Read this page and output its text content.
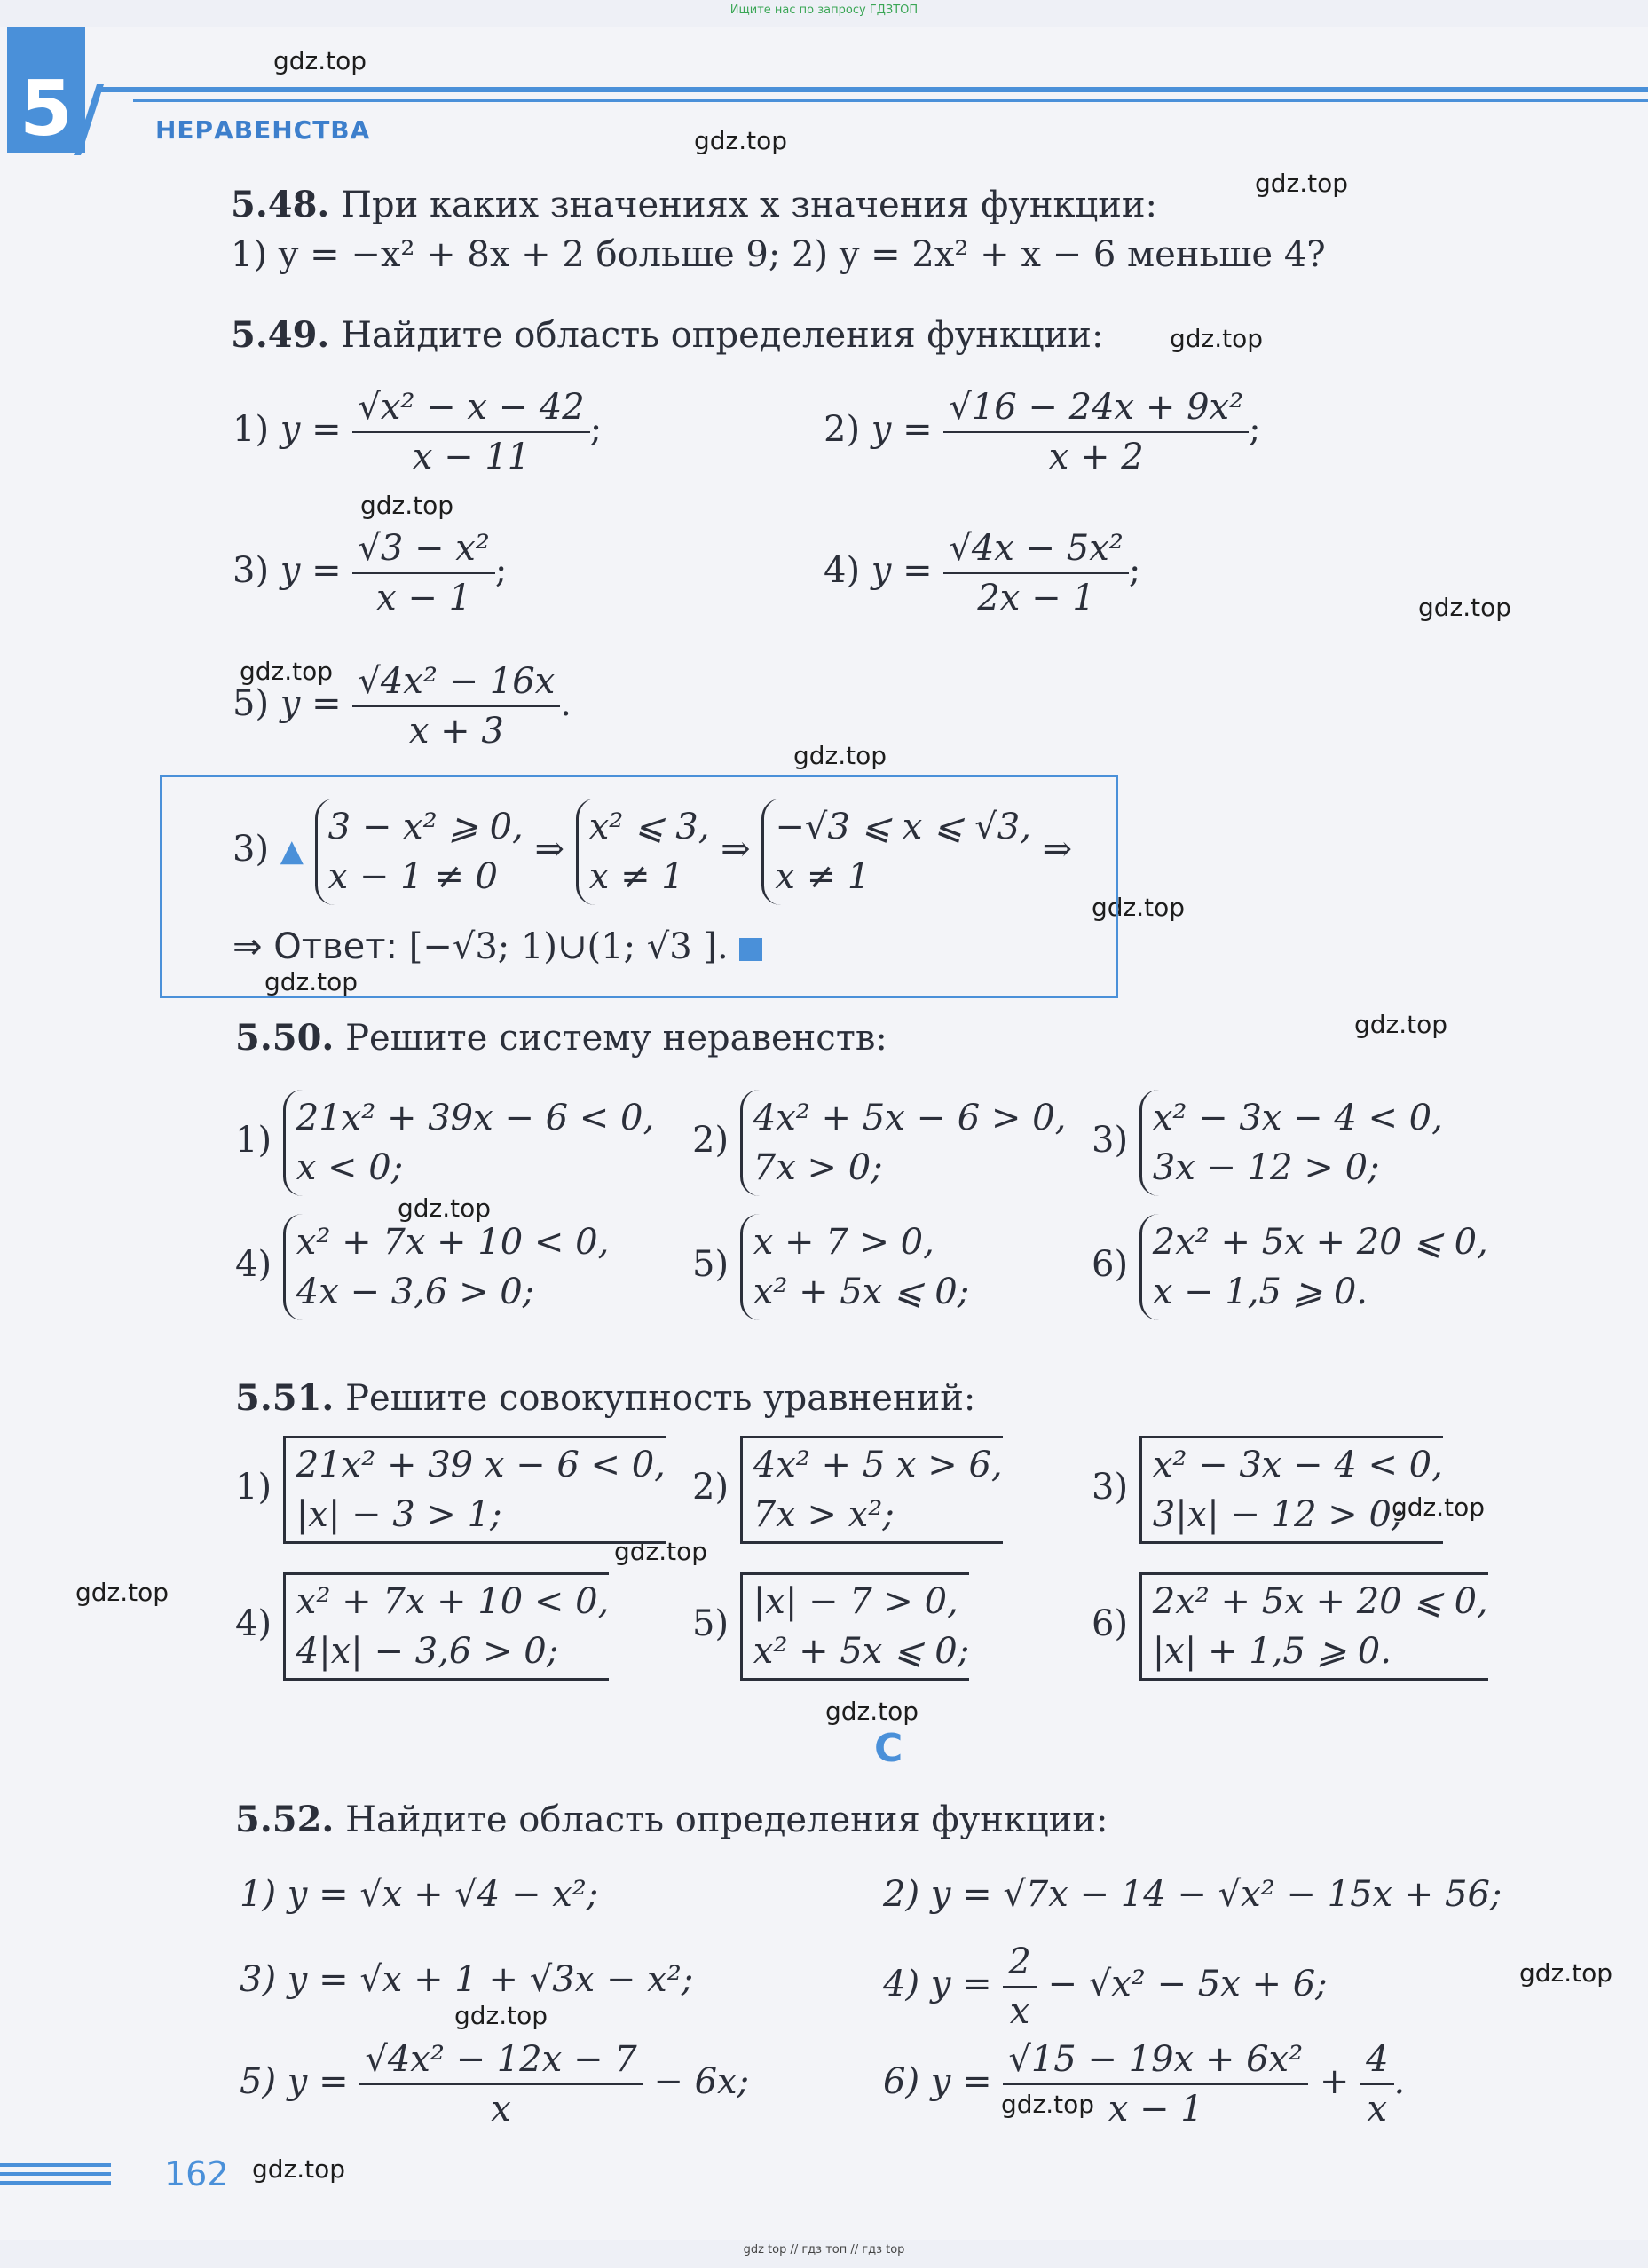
Ищите нас по запросу ГДЗТОП
5	НЕРАВЕНСТВА
gdz.top
gdz.top
gdz.top
gdz.top
gdz.top
gdz.top
gdz.top
gdz.top
gdz.top
gdz.top
gdz.top
gdz.top
gdz.top
gdz.top
gdz.top
gdz.top
gdz.top
gdz.top
gdz.top
gdz.top
5.48. При каких значениях x значения функции:
1) y = −x² + 8x + 2 больше 9; 2) y = 2x² + x − 6 меньше 4?
5.49. Найдите область определения функции:
1) $y = \frac{\text{√x² − x − 42}}{x - 11}$ ;	2) $y = \frac{\text{√16 − 24x + 9x²}}{x + 2}$ ;
3) $y = \frac{\text{√3 − x²}}{x - 1}$ ;	4) $y = \frac{\text{√4x − 5x²}}{2x - 1}$ ;
5) $y = \frac{\text{√4x² − 16x}}{x + 3}$ .
3) ▲
3 − x² ⩾ 0,
x − 1 ≠ 0
⇒
x² ⩽ 3,
x ≠ 1
⇒
−√3 ⩽ x ⩽ √3,
x ≠ 1
⇒
⇒ Ответ: [−√3; 1)∪(1; √3 ].
5.50. Решите систему неравенств:
1)
21x² + 39x − 6 < 0,
x < 0;
2)
4x² + 5x − 6 > 0,
7x > 0;
3)
x² − 3x − 4 < 0,
3x − 12 > 0;
4)
x² + 7x + 10 < 0,
4x − 3,6 > 0;
5)
x + 7 > 0,
x² + 5x ⩽ 0;
6)
2x² + 5x + 20 ⩽ 0,
x − 1,5 ⩾ 0.
5.51. Решите совокупность уравнений:
1)
21x² + 39 x − 6 < 0,
|x| − 3 > 1;
2)
4x² + 5 x > 6,
7x > x²;
3)
x² − 3x − 4 < 0,
3|x| − 12 > 0;
4)
x² + 7x + 10 < 0,
4|x| − 3,6 > 0;
5)
|x| − 7 > 0,
x² + 5x ⩽ 0;
6)
2x² + 5x + 20 ⩽ 0,
|x| + 1,5 ⩾ 0.
C
5.52. Найдите область определения функции:
1) y = √x + √4 − x²;	2) y = √7x − 14 − √x² − 15x + 56;
3) y = √x + 1 + √3x − x²;	4) $y = \frac{2}{x} - √x^2 - 5x + 6$;
5) $y = \frac{\text{√4x² − 12x − 7}}{x} - 6x$;	6) $y = \frac{\text{√15 − 19x + 6x²}}{x - 1} + \frac{4}{x}$ .
162
gdz top // гдз топ // гдз top
